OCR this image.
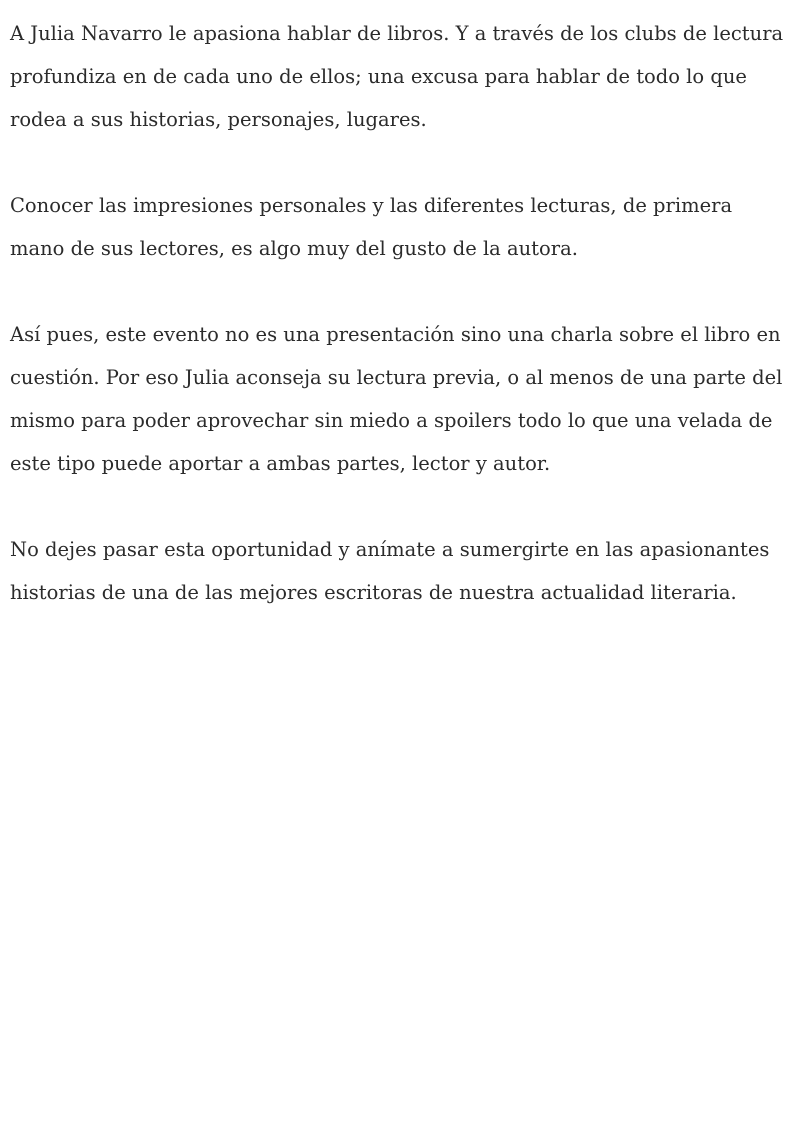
A Julia Navarro le apasiona hablar de libros. Y a través de los clubs de lectura profundiza en de cada uno de ellos; una excusa para hablar de todo lo que rodea a sus historias, personajes, lugares.

Conocer las impresiones personales y las diferentes lecturas, de primera mano de sus lectores, es algo muy del gusto de la autora.

Así pues, este evento no es una presentación sino una charla sobre el libro en cuestión. Por eso Julia aconseja su lectura previa, o al menos de una parte del mismo para poder aprovechar sin miedo a spoilers todo lo que una velada de este tipo puede aportar a ambas partes, lector y autor.

No dejes pasar esta oportunidad y anímate a sumergirte en las apasionantes historias de una de las mejores escritoras de nuestra actualidad literaria.
